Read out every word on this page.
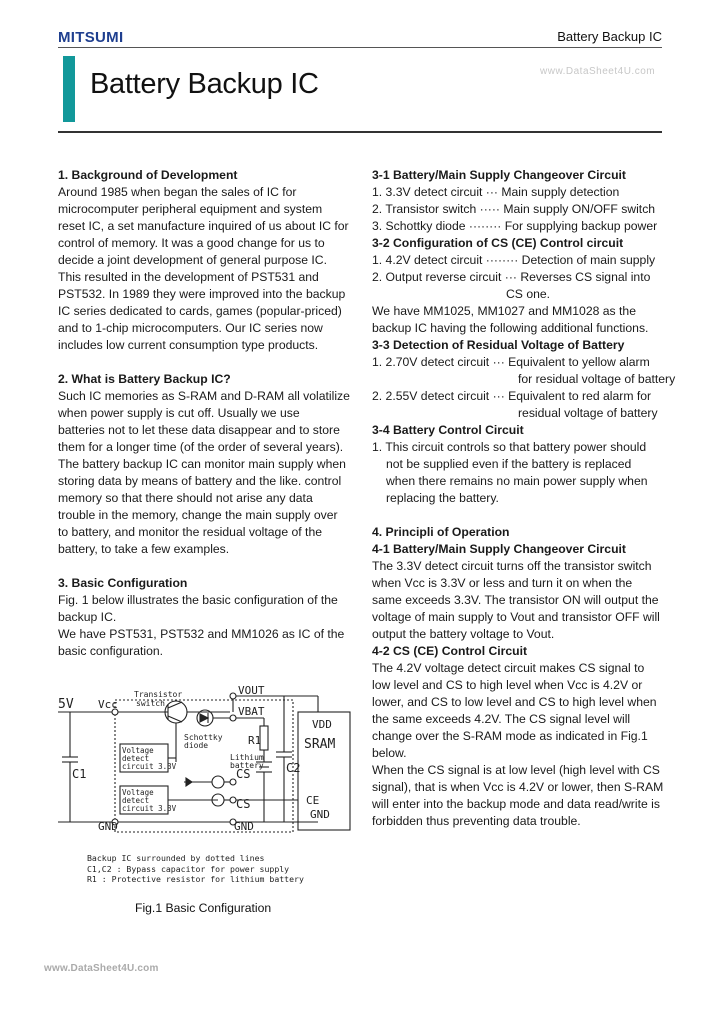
MITSUMI	Battery Backup IC
Battery Backup IC	www.DataSheet4U.com
1. Background of Development
Around 1985 when began the sales of IC for
microcomputer peripheral equipment and system
reset IC, a set manufacture inquired of us about IC for
control of memory. It was a good change for us to
decide a joint development of general purpose IC.
This resulted in the development of PST531 and
PST532. In 1989 they were improved into the backup
IC series dedicated to cards, games (popular-priced)
and to 1-chip microcomputers. Our IC series now
includes low current consumption type products.
2. What is Battery Backup IC?
Such IC memories as S-RAM and D-RAM all volatilize
when power supply is cut off. Usually we use
batteries not to let these data disappear and to store
them for a longer time (of the order of several years).
The battery backup IC can monitor main supply when
storing data by means of battery and the like. control
memory so that there should not arise any data
trouble in the memory, change the main supply over
to battery, and monitor the residual voltage of the
battery, to take a few examples.
3. Basic Configuration
Fig. 1 below illustrates the basic configuration of the
backup IC.
We have PST531, PST532 and MM1026 as IC of the
basic configuration.
3-1 Battery/Main Supply Changeover Circuit
1. 3.3V detect circuit ··· Main supply detection
2. Transistor switch ····· Main supply ON/OFF switch
3. Schottky diode ········ For supplying backup power
3-2 Configuration of CS (CE) Control circuit
1. 4.2V detect circuit ········ Detection of main supply
2. Output reverse circuit ··· Reverses CS signal into
CS one.
We have MM1025, MM1027 and MM1028 as the
backup IC having the following additional functions.
3-3 Detection of Residual Voltage of Battery
1. 2.70V detect circuit ··· Equivalent to yellow alarm
for residual voltage of battery
2. 2.55V detect circuit ··· Equivalent to red alarm for
residual voltage of battery
3-4 Battery Control Circuit
1. This circuit controls so that battery power should
not be supplied even if the battery is replaced
when there remains no main power supply when
replacing the battery.
4. Principli of Operation
4-1 Battery/Main Supply Changeover Circuit
The 3.3V detect circuit turns off the transistor switch
when Vcc is 3.3V or less and turn it on when the
same exceeds 3.3V. The transistor ON will output the
voltage of main supply to Vout and transistor OFF will
output the battery voltage to Vout.
4-2 CS (CE) Control Circuit
The 4.2V voltage detect circuit makes CS signal to
low level and CS to high level when Vcc is 4.2V or
lower, and CS to low level and CS to high level when
the same exceeds 4.2V. The CS signal level will
change over the S-RAM mode as indicated in Fig.1
below.
When the CS signal is at low level (high level with CS
signal), that is when Vcc is 4.2V or lower, then S-RAM
will enter into the backup mode and data read/write is
forbidden thus preventing data trouble.
5V Vcc
VOUT
VBAT
Transistor
switch
Schottky
diode	R1
Lithium
battery
C1	C2
VDD
SRAM
CS
CS	CE
GND
GND
GND
Voltage
detect
circuit 3.3V
Voltage
detect
circuit 3.3V
Backup IC surrounded by dotted lines
C1,C2 : Bypass capacitor for power supply
R1 : Protective resistor for lithium battery
Fig.1 Basic Configuration
www.DataSheet4U.com
